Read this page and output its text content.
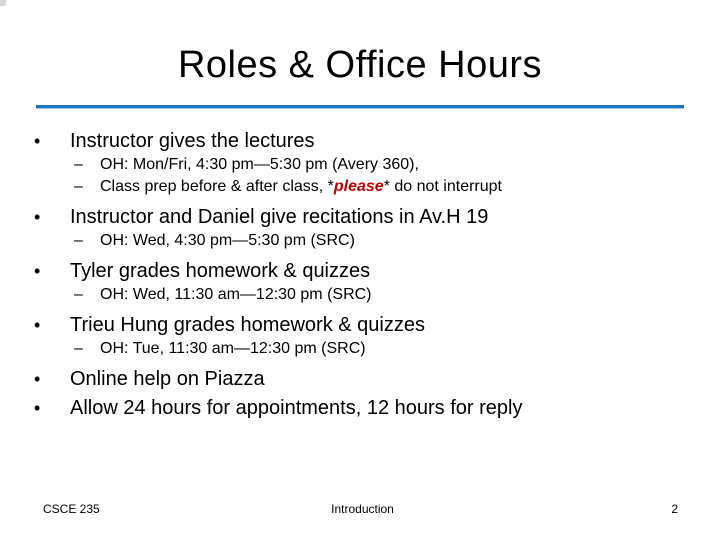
Roles & Office Hours
•	Instructor gives the lectures
–	OH: Mon/Fri, 4:30 pm—5:30 pm (Avery 360),
–	Class prep before & after class, *please* do not interrupt
•	Instructor and Daniel give recitations in Av.H 19
–	OH: Wed, 4:30 pm—5:30 pm (SRC)
•	Tyler grades homework & quizzes
–	OH: Wed, 11:30 am—12:30 pm (SRC)
•	Trieu Hung grades homework & quizzes
–	OH: Tue, 11:30 am—12:30 pm (SRC)
•	Online help on Piazza
•	Allow 24 hours for appointments, 12 hours for reply
CSCE 235	Introduction	2
